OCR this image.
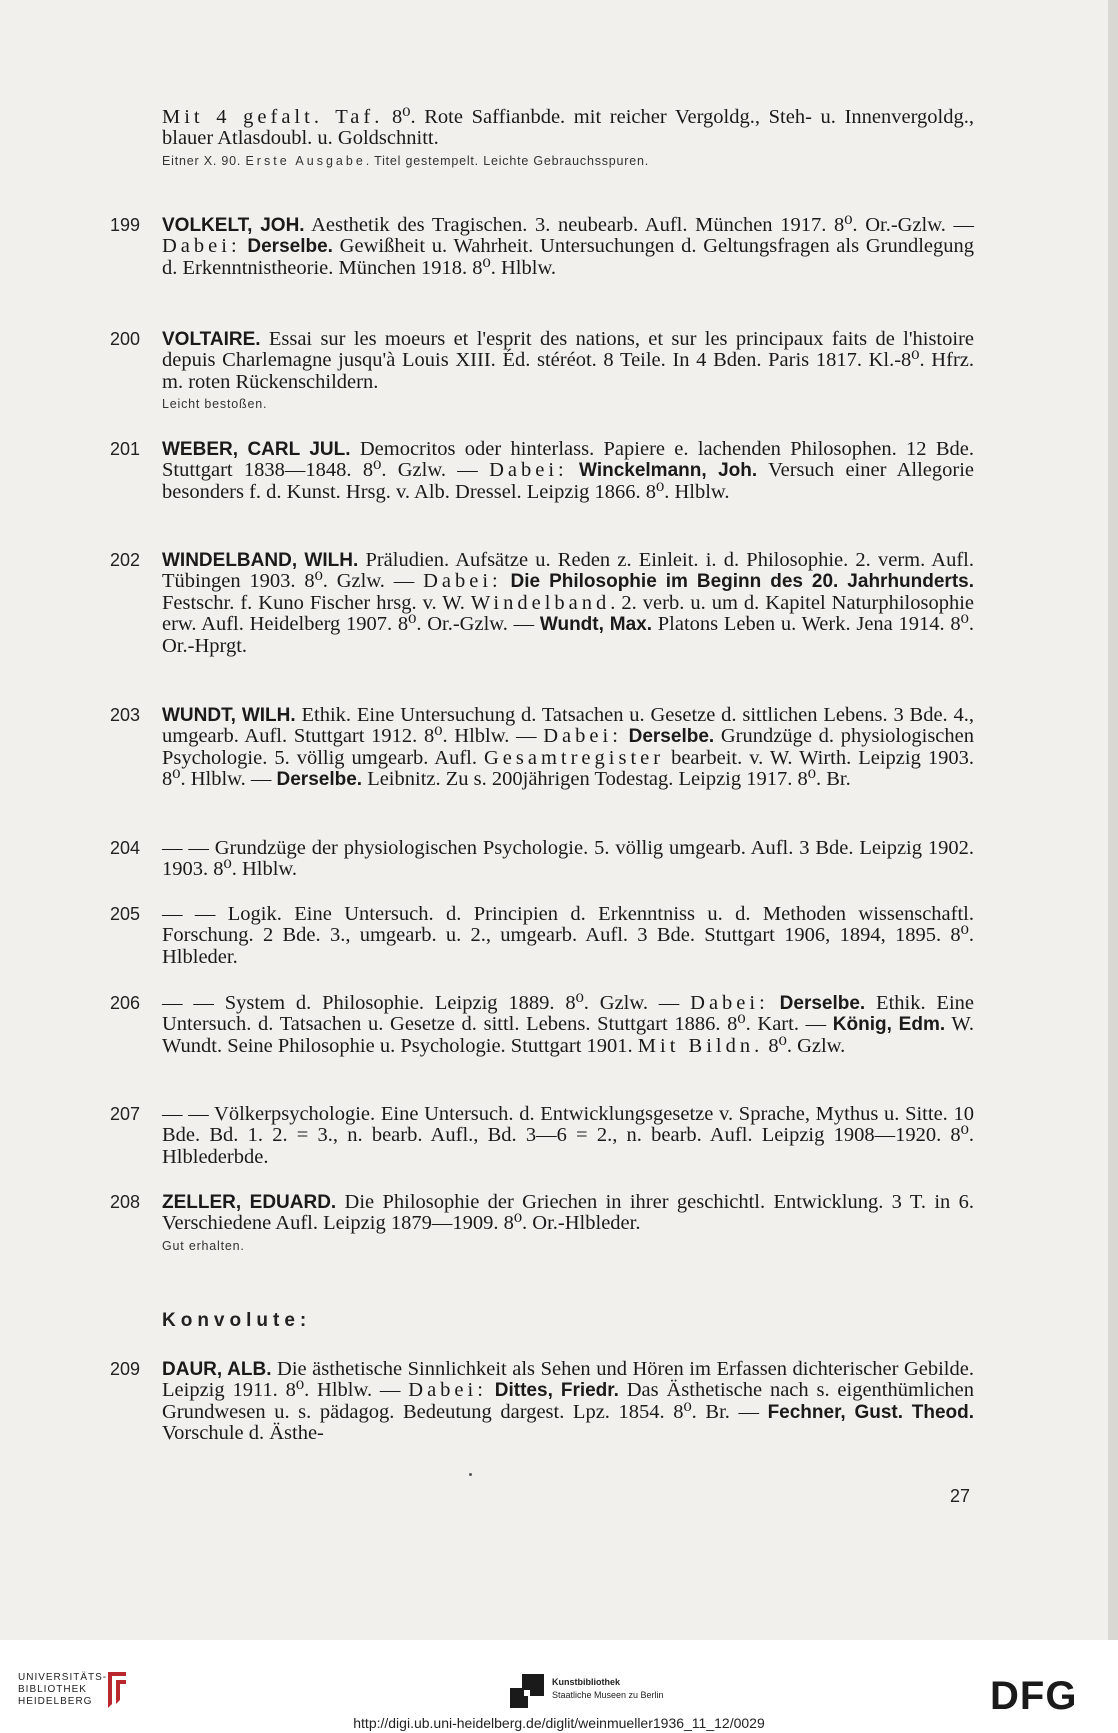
Mit 4 gefalt. Taf. 8⁰. Rote Saffianbde. mit reicher Vergoldg., Steh- u. Innenvergoldg., blauer Atlasdoubl. u. Goldschnitt.
Eitner X. 90. Erste Ausgabe. Titel gestempelt. Leichte Gebrauchsspuren.
199	VOLKELT, JOH. Aesthetik des Tragischen. 3. neubearb. Aufl. München 1917. 8⁰. Or.-Gzlw. — Dabei: Derselbe. Gewißheit u. Wahrheit. Untersuchungen d. Geltungsfragen als Grundlegung d. Erkenntnistheorie. München 1918. 8⁰. Hlblw.
200	VOLTAIRE. Essai sur les moeurs et l'esprit des nations, et sur les principaux faits de l'histoire depuis Charlemagne jusqu'à Louis XIII. Éd. stéréot. 8 Teile. In 4 Bden. Paris 1817. Kl.-8⁰. Hfrz. m. roten Rückenschildern.
Leicht bestoßen.
201	WEBER, CARL JUL. Democritos oder hinterlass. Papiere e. lachenden Philosophen. 12 Bde. Stuttgart 1838—1848. 8⁰. Gzlw. — Dabei: Winckelmann, Joh. Versuch einer Allegorie besonders f. d. Kunst. Hrsg. v. Alb. Dressel. Leipzig 1866. 8⁰. Hlblw.
202	WINDELBAND, WILH. Präludien. Aufsätze u. Reden z. Einleit. i. d. Philosophie. 2. verm. Aufl. Tübingen 1903. 8⁰. Gzlw. — Dabei: Die Philosophie im Beginn des 20. Jahrhunderts. Festschr. f. Kuno Fischer hrsg. v. W. Windelband. 2. verb. u. um d. Kapitel Naturphilosophie erw. Aufl. Heidelberg 1907. 8⁰. Or.-Gzlw. — Wundt, Max. Platons Leben u. Werk. Jena 1914. 8⁰. Or.-Hprgt.
203	WUNDT, WILH. Ethik. Eine Untersuchung d. Tatsachen u. Gesetze d. sittlichen Lebens. 3 Bde. 4., umgearb. Aufl. Stuttgart 1912. 8⁰. Hlblw. — Dabei: Derselbe. Grundzüge d. physiologischen Psychologie. 5. völlig umgearb. Aufl. Gesamtregister bearbeit. v. W. Wirth. Leipzig 1903. 8⁰. Hlblw. — Derselbe. Leibnitz. Zu s. 200jährigen Todestag. Leipzig 1917. 8⁰. Br.
204	— — Grundzüge der physiologischen Psychologie. 5. völlig umgearb. Aufl. 3 Bde. Leipzig 1902. 1903. 8⁰. Hlblw.
205	— — Logik. Eine Untersuch. d. Principien d. Erkenntniss u. d. Methoden wissenschaftl. Forschung. 2 Bde. 3., umgearb. u. 2., umgearb. Aufl. 3 Bde. Stuttgart 1906, 1894, 1895. 8⁰. Hlbleder.
206	— — System d. Philosophie. Leipzig 1889. 8⁰. Gzlw. — Dabei: Derselbe. Ethik. Eine Untersuch. d. Tatsachen u. Gesetze d. sittl. Lebens. Stuttgart 1886. 8⁰. Kart. — König, Edm. W. Wundt. Seine Philosophie u. Psychologie. Stuttgart 1901. Mit Bildn. 8⁰. Gzlw.
207	— — Völkerpsychologie. Eine Untersuch. d. Entwicklungsgesetze v. Sprache, Mythus u. Sitte. 10 Bde. Bd. 1. 2. = 3., n. bearb. Aufl., Bd. 3—6 = 2., n. bearb. Aufl. Leipzig 1908—1920. 8⁰. Hlblederbde.
208	ZELLER, EDUARD. Die Philosophie der Griechen in ihrer geschichtl. Entwicklung. 3 T. in 6. Verschiedene Aufl. Leipzig 1879—1909. 8⁰. Or.-Hlbleder.
Gut erhalten.
Konvolute:
209	DAUR, ALB. Die ästhetische Sinnlichkeit als Sehen und Hören im Erfassen dichterischer Gebilde. Leipzig 1911. 8⁰. Hlblw. — Dabei: Dittes, Friedr. Das Ästhetische nach s. eigenthümlichen Grundwesen u. s. pädagog. Bedeutung dargest. Lpz. 1854. 8⁰. Br. — Fechner, Gust. Theod. Vorschule d. Ästhe-
27
UNIVERSITÄTS-
BIBLIOTHEK
HEIDELBERG
Kunstbibliothek
Staatliche Museen zu Berlin	DFG
http://digi.ub.uni-heidelberg.de/diglit/weinmueller1936_11_12/0029
